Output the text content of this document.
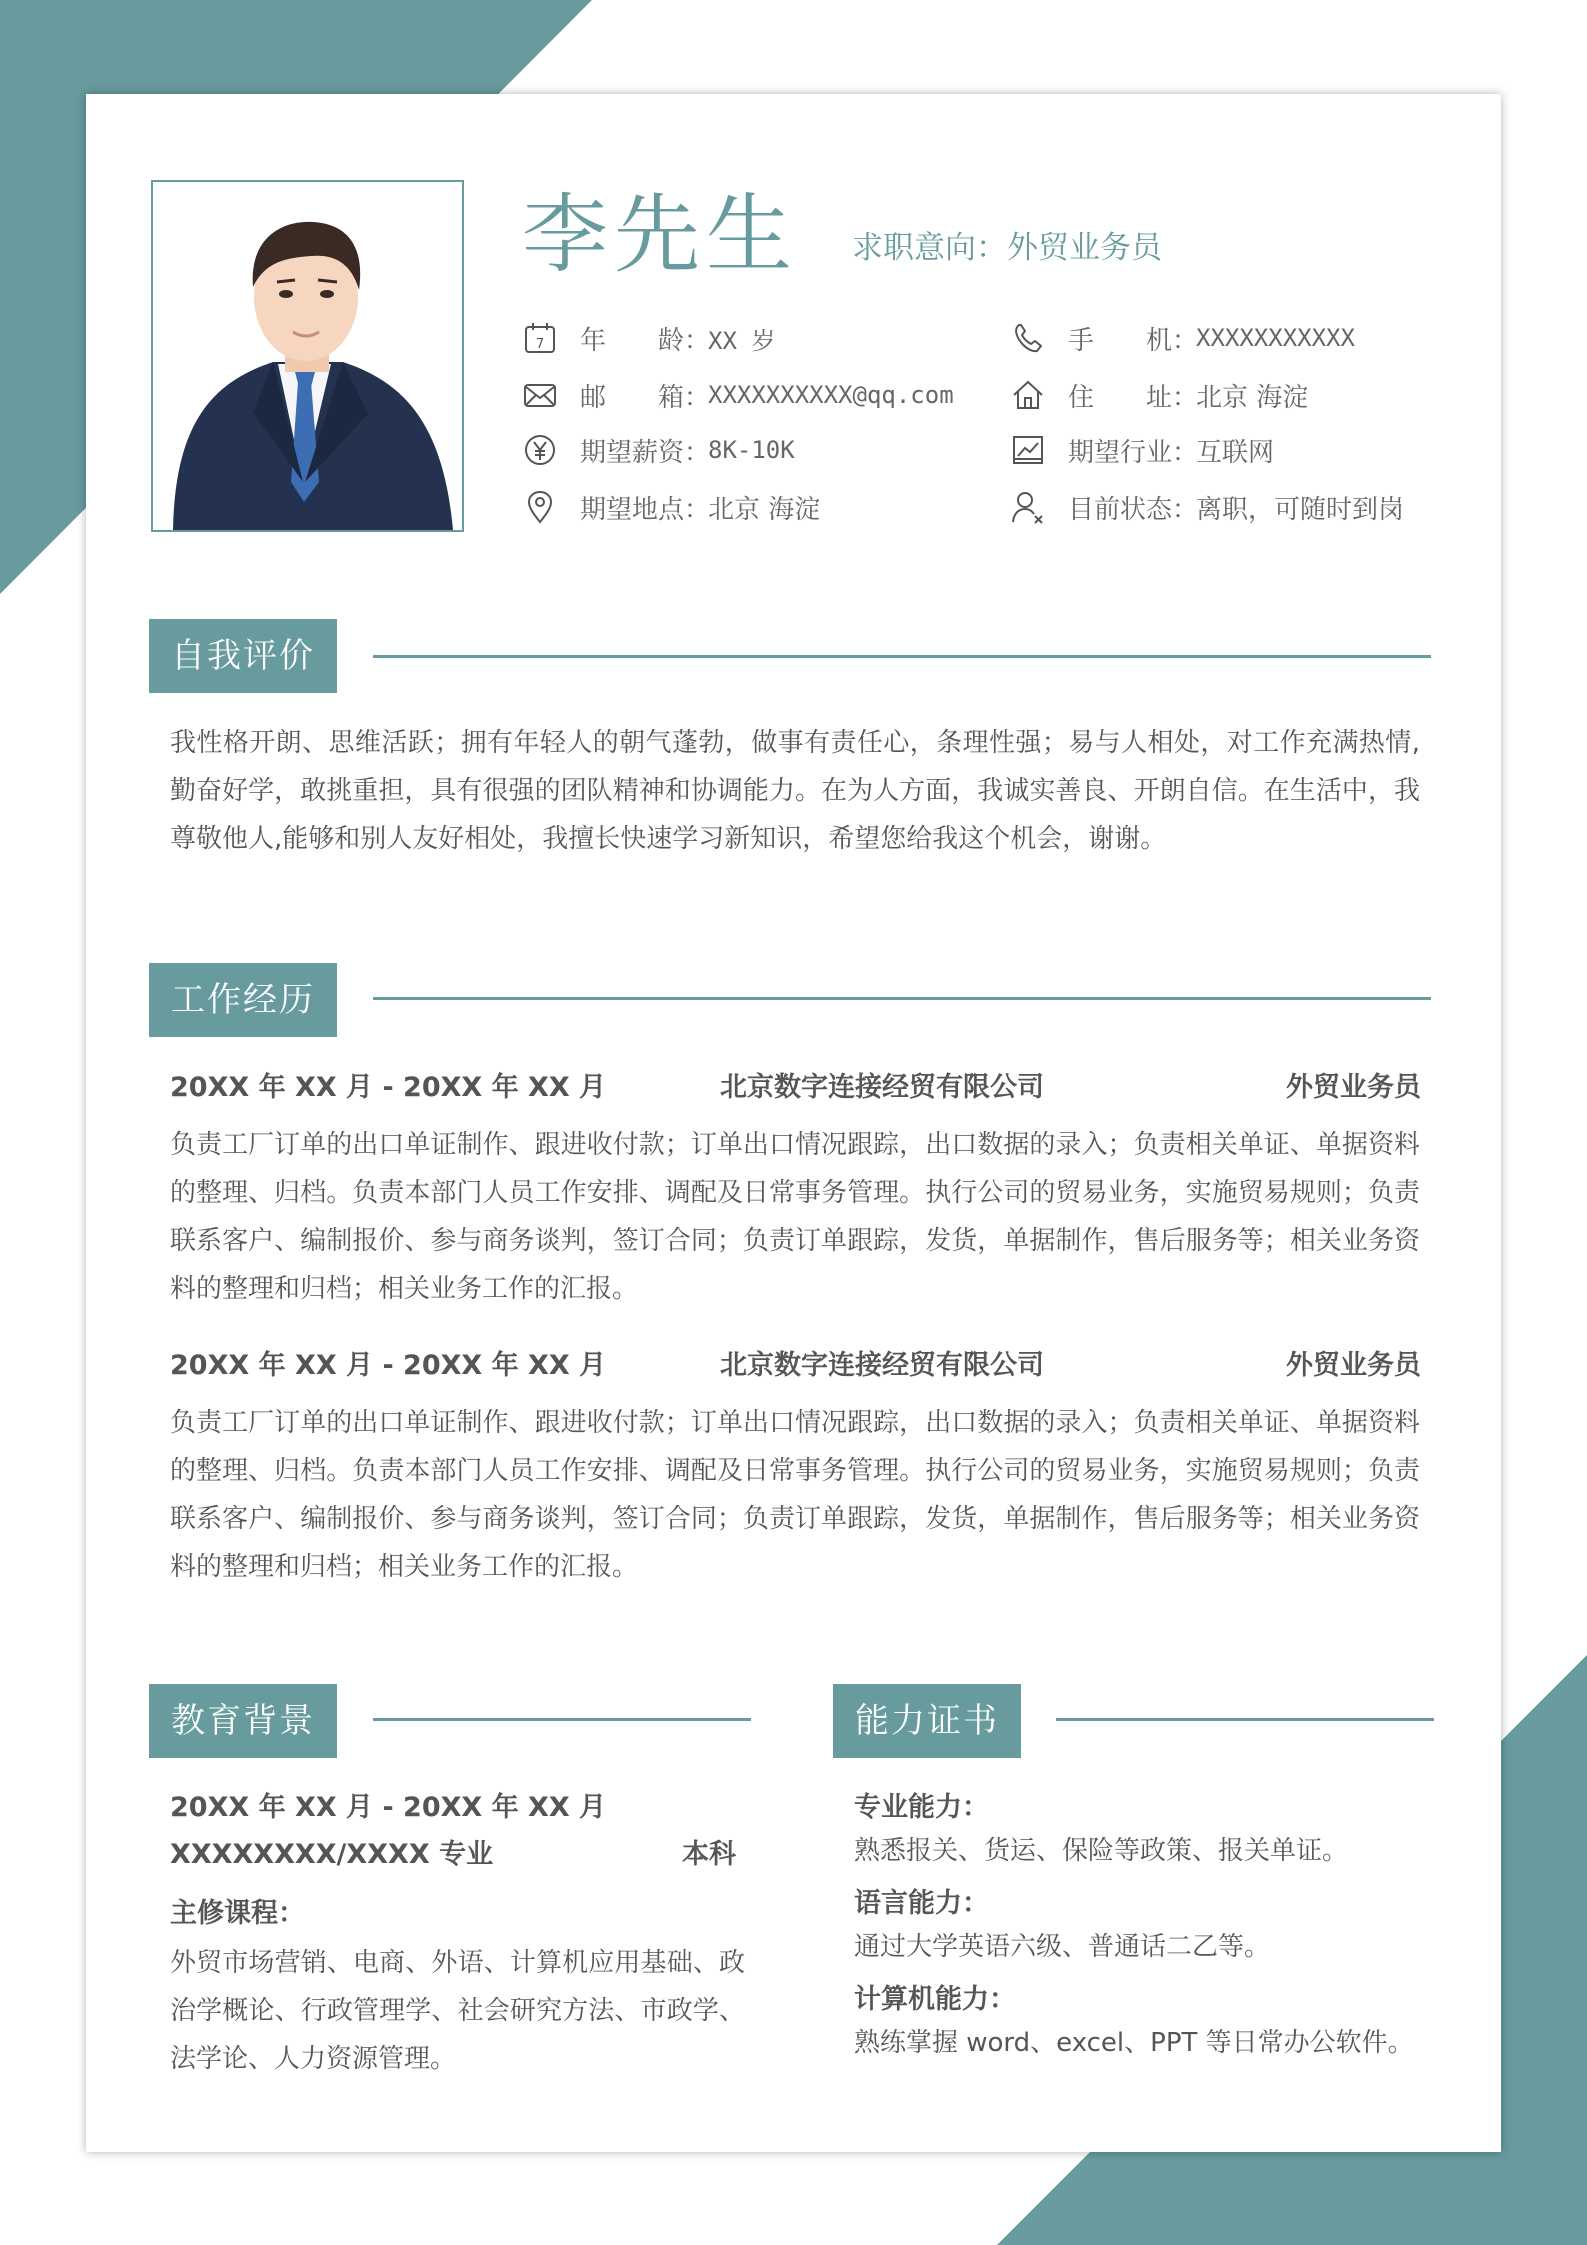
李先生 求职意向：外贸业务员
7 年　　龄：
XX 岁	手　　机：
XXXXXXXXXXX
邮　　箱：
XXXXXXXXXX@qq.com	住　　址：
北京 海淀
期望薪资：
8K-10K	期望行业：
互联网
期望地点：
北京 海淀	目前状态：
离职，可随时到岗
自我评价
我性格开朗、思维活跃；拥有年轻人的朝气蓬勃，做事有责任心，条理性强；易与人相处，对工作充满热情,勤奋好学，敢挑重担，具有很强的团队精神和协调能力。在为人方面，我诚实善良、开朗自信。在生活中，我尊敬他人,能够和别人友好相处，我擅长快速学习新知识，希望您给我这个机会，谢谢。
工作经历
20XX 年 XX 月 - 20XX 年 XX 月	北京数字连接经贸有限公司	外贸业务员
负责工厂订单的出口单证制作、跟进收付款；订单出口情况跟踪，出口数据的录入；负责相关单证、单据资料的整理、归档。负责本部门人员工作安排、调配及日常事务管理。执行公司的贸易业务，实施贸易规则；负责联系客户、编制报价、参与商务谈判，签订合同；负责订单跟踪，发货，单据制作，售后服务等；相关业务资料的整理和归档；相关业务工作的汇报。
20XX 年 XX 月 - 20XX 年 XX 月	北京数字连接经贸有限公司	外贸业务员
负责工厂订单的出口单证制作、跟进收付款；订单出口情况跟踪，出口数据的录入；负责相关单证、单据资料的整理、归档。负责本部门人员工作安排、调配及日常事务管理。执行公司的贸易业务，实施贸易规则；负责联系客户、编制报价、参与商务谈判，签订合同；负责订单跟踪，发货，单据制作，售后服务等；相关业务资料的整理和归档；相关业务工作的汇报。
教育背景
20XX 年 XX 月 - 20XX 年 XX 月
XXXXXXXX/XXXX 专业	本科
主修课程：
外贸市场营销、电商、外语、计算机应用基础、政治学概论、行政管理学、社会研究方法、市政学、法学论、人力资源管理。
能力证书
专业能力：
熟悉报关、货运、保险等政策、报关单证。
语言能力：
通过大学英语六级、普通话二乙等。
计算机能力：
熟练掌握 word、excel、PPT 等日常办公软件。
